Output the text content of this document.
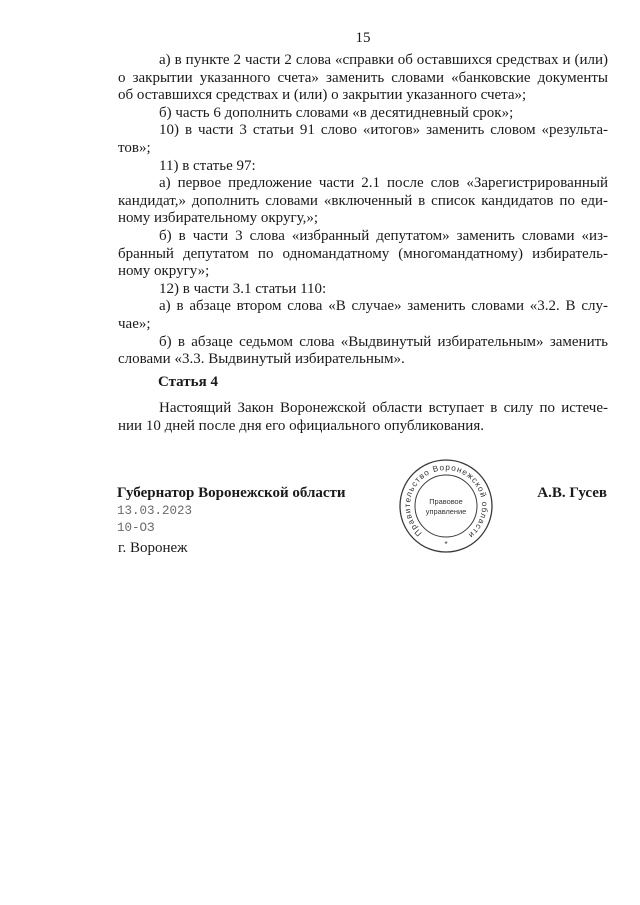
15
а) в пункте 2 части 2 слова «справки об оставшихся средствах и (или)
о закрытии указанного счета» заменить словами «банковские документы
об оставшихся средствах и (или) о закрытии указанного счета»;
б) часть 6 дополнить словами «в десятидневный срок»;
10) в части 3 статьи 91 слово «итогов» заменить словом «результа-
тов»;
11) в статье 97:
а) первое предложение части 2.1 после слов «Зарегистрированный
кандидат,» дополнить словами «включенный в список кандидатов по еди-
ному избирательному округу,»;
б) в части 3 слова «избранный депутатом» заменить словами «из-
бранный депутатом по одномандатному (многомандатному) избиратель-
ному округу»;
12) в части 3.1 статьи 110:
а) в абзаце втором слова «В случае» заменить словами «3.2. В слу-
чае»;
б) в абзаце седьмом слова «Выдвинутый избирательным» заменить
словами «3.3. Выдвинутый избирательным».
Статья 4
Настоящий Закон Воронежской области вступает в силу по истече-
нии 10 дней после дня его официального опубликования.
Губернатор Воронежской области	А.В. Гусев
13.03.2023
10-ОЗ
г. Воронеж
Правительство Воронежской области
Правовое
управление
*
